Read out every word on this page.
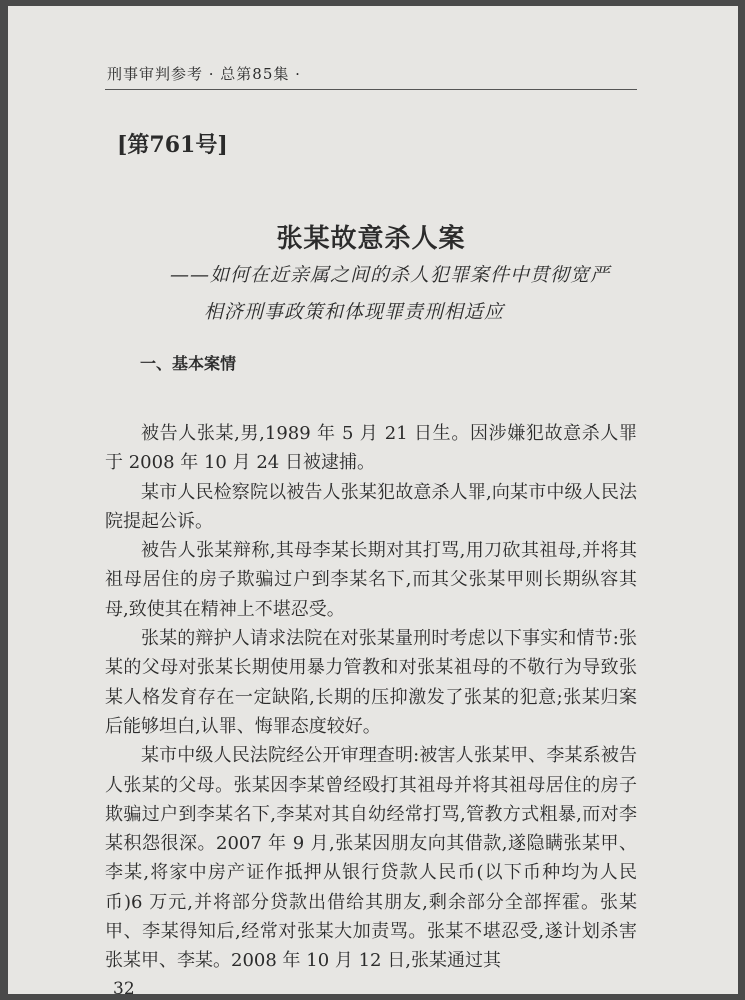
刑事审判参考 · 总第85集 ·
[第761号]
张某故意杀人案
——如何在近亲属之间的杀人犯罪案件中贯彻宽严
相济刑事政策和体现罪责刑相适应
一、基本案情

被告人张某,男,1989 年 5 月 21 日生。因涉嫌犯故意杀人罪于 2008 年 10 月 24 日被逮捕。

某市人民检察院以被告人张某犯故意杀人罪,向某市中级人民法院提起公诉。

被告人张某辩称,其母李某长期对其打骂,用刀砍其祖母,并将其祖母居住的房子欺骗过户到李某名下,而其父张某甲则长期纵容其母,致使其在精神上不堪忍受。

张某的辩护人请求法院在对张某量刑时考虑以下事实和情节:张某的父母对张某长期使用暴力管教和对张某祖母的不敬行为导致张某人格发育存在一定缺陷,长期的压抑激发了张某的犯意;张某归案后能够坦白,认罪、悔罪态度较好。

某市中级人民法院经公开审理查明:被害人张某甲、李某系被告人张某的父母。张某因李某曾经殴打其祖母并将其祖母居住的房子欺骗过户到李某名下,李某对其自幼经常打骂,管教方式粗暴,而对李某积怨很深。2007 年 9 月,张某因朋友向其借款,遂隐瞒张某甲、李某,将家中房产证作抵押从银行贷款人民币(以下币种均为人民币)6 万元,并将部分贷款出借给其朋友,剩余部分全部挥霍。张某甲、李某得知后,经常对张某大加责骂。张某不堪忍受,遂计划杀害张某甲、李某。2008 年 10 月 12 日,张某通过其

32
